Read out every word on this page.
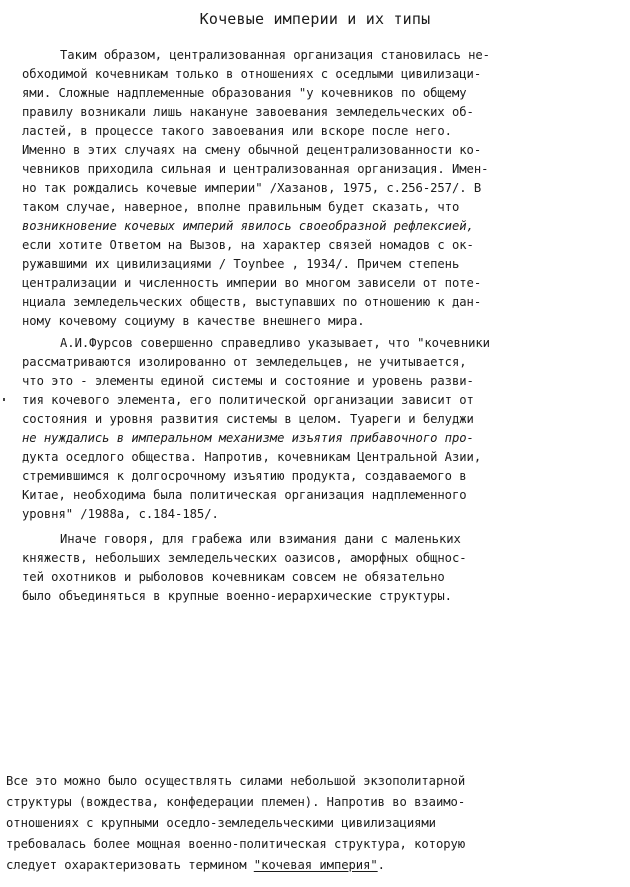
Кочевые империи и их типы
Таким образом, централизованная организация становилась не-
обходимой кочевникам только в отношениях с оседлыми цивилизаци-
ями. Сложные надплеменные образования "у кочевников по общему
правилу возникали лишь накануне завоевания земледельческих об-
ластей, в процессе такого завоевания или вскоре после него.
Именно в этих случаях на смену обычной децентрализованности ко-
чевников приходила сильная и централизованная организация. Имен-
но так рождались кочевые империи" /Хазанов, 1975, с.256-257/. В
таком случае, наверное, вполне правильным будет сказать, что
возникновение кочевых империй явилось своеобразной рефлексией,
если хотите Ответом на Вызов, на характер связей номадов с ок-
ружавшими их цивилизациями / Toynbee , 1934/. Причем степень
централизации и численность империи во многом зависели от поте-
нциала земледельческих обществ, выступавших по отношению к дан-
ному кочевому социуму в качестве внешнего мира.
А.И.Фурсов совершенно справедливо указывает, что "кочевники
рассматриваются изолированно от земледельцев, не учитывается,
что это - элементы единой системы и состояние и уровень разви-
тия кочевого элемента, его политической организации зависит от
состояния и уровня развития системы в целом. Туареги и белуджи
не нуждались в имперальном механизме изъятия прибавочного про-
дукта оседлого общества. Напротив, кочевникам Центральной Азии,
стремившимся к долгосрочному изъятию продукта, создаваемого в
Китае, необходима была политическая организация надплеменного
уровня" /1988а, с.184-185/.
Иначе говоря, для грабежа или взимания дани с маленьких
княжеств, небольших земледельческих оазисов, аморфных общнос-
тей охотников и рыболовов кочевникам совсем не обязательно
было объединяться в крупные военно-иерархические структуры.
Все это можно было осуществлять силами небольшой экзополитарной
структуры (вождества, конфедерации племен). Напротив во взаимо-
отношениях с крупными оседло-земледельческими цивилизациями
требовалась более мощная военно-политическая структура, которую
следует охарактеризовать термином "кочевая империя".
